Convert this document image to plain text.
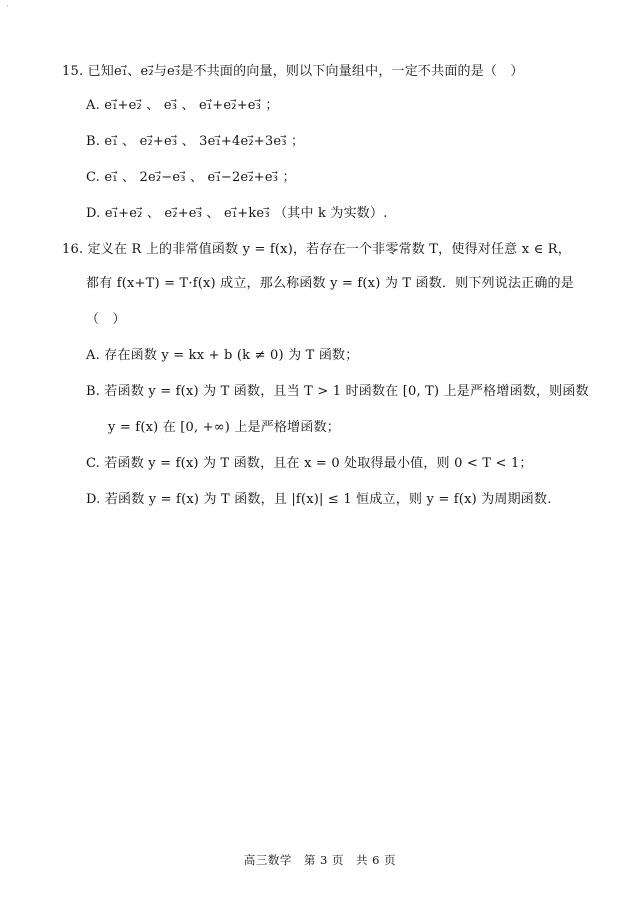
·
15. 已知e₁⃗、e₂⃗与e₃⃗是不共面的向量，则以下向量组中，一定不共面的是（　）
A. e₁⃗+e₂⃗ 、 e₃⃗ 、 e₁⃗+e₂⃗+e₃⃗ ；
B. e₁⃗ 、 e₂⃗+e₃⃗ 、 3e₁⃗+4e₂⃗+3e₃⃗ ；
C. e₁⃗ 、 2e₂⃗−e₃⃗ 、 e₁⃗−2e₂⃗+e₃⃗ ；
D. e₁⃗+e₂⃗ 、 e₂⃗+e₃⃗ 、 e₁⃗+ke₃⃗ （其中 k 为实数）.
16. 定义在 R 上的非常值函数 y = f(x)，若存在一个非零常数 T，使得对任意 x ∈ R，
都有 f(x+T) = T·f(x) 成立，那么称函数 y = f(x) 为 T 函数．则下列说法正确的是
（　）
A. 存在函数 y = kx + b (k ≠ 0) 为 T 函数；
B. 若函数 y = f(x) 为 T 函数，且当 T > 1 时函数在 [0, T) 上是严格增函数，则函数
y = f(x) 在 [0, +∞) 上是严格增函数；
C. 若函数 y = f(x) 为 T 函数，且在 x = 0 处取得最小值，则 0 < T < 1；
D. 若函数 y = f(x) 为 T 函数，且 |f(x)| ≤ 1 恒成立，则 y = f(x) 为周期函数.
高三数学　第 3 页　共 6 页
